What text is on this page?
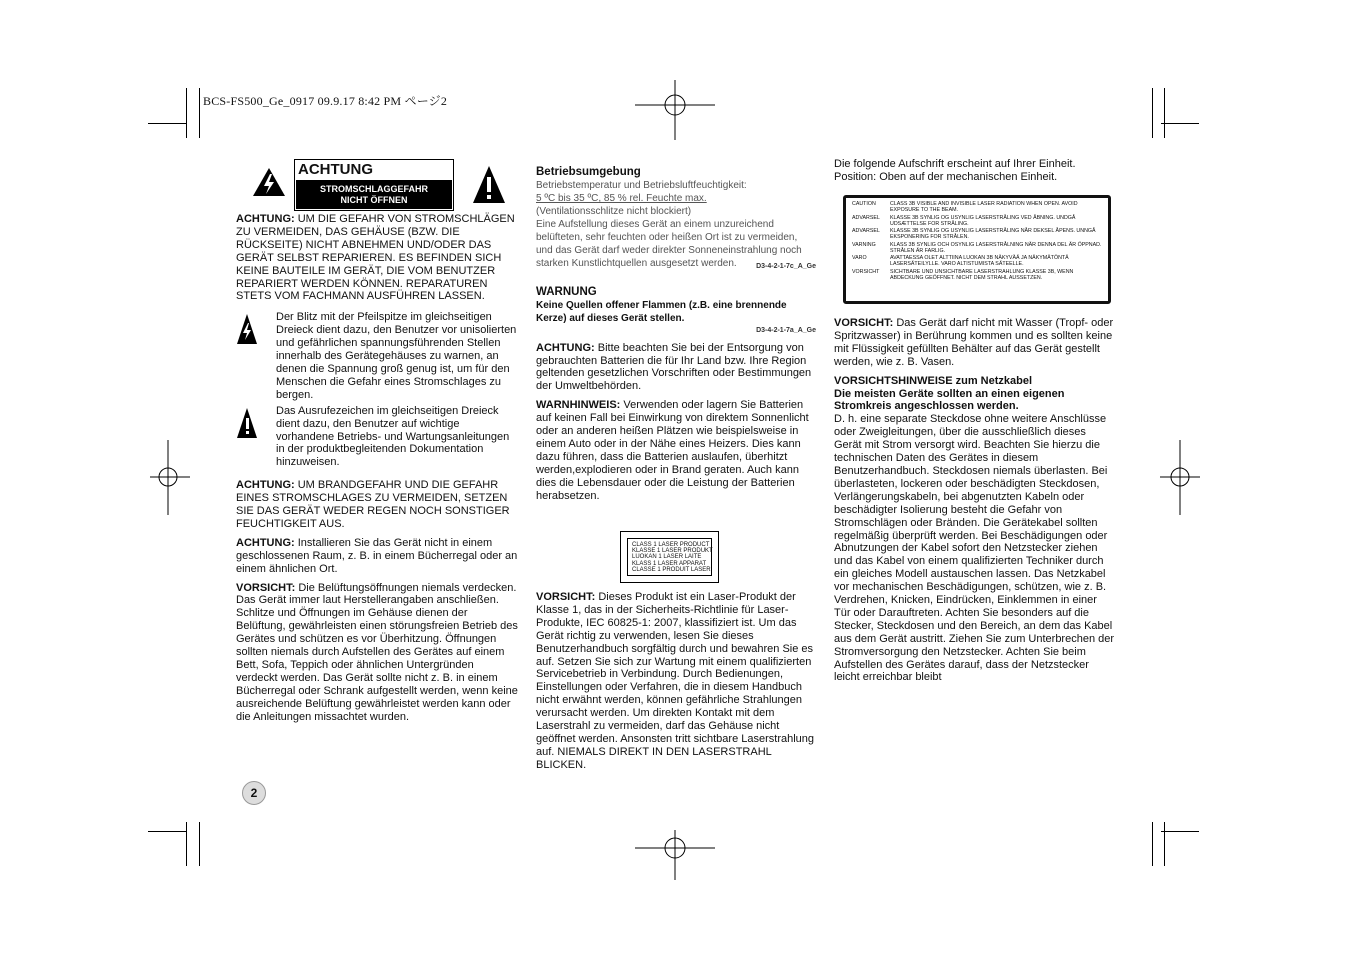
BCS-FS500_Ge_0917 09.9.17 8:42 PM ページ2
ACHTUNG
STROMSCHLAGGEFAHR
NICHT ÖFFNEN

ACHTUNG: UM DIE GEFAHR VON STROMSCHLÄGEN ZU VERMEIDEN, DAS GEHÄUSE (BZW. DIE RÜCKSEITE) NICHT ABNEHMEN UND/ODER DAS GERÄT SELBST REPARIEREN. ES BEFINDEN SICH KEINE BAUTEILE IM GERÄT, DIE VOM BENUTZER REPARIERT WERDEN KÖNNEN. REPARATUREN STETS VOM FACHMANN AUSFÜHREN LASSEN.

Der Blitz mit der Pfeilspitze im gleichseitigen Dreieck dient dazu, den Benutzer vor unisolierten und gefährlichen spannungsführenden Stellen innerhalb des Gerätegehäuses zu warnen, an denen die Spannung groß genug ist, um für den Menschen die Gefahr eines Stromschlages zu bergen.
Das Ausrufezeichen im gleichseitigen Dreieck dient dazu, den Benutzer auf wichtige vorhandene Betriebs- und Wartungsanleitungen in der produktbegleitenden Dokumentation hinzuweisen.

ACHTUNG: UM BRANDGEFAHR UND DIE GEFAHR EINES STROMSCHLAGES ZU VERMEIDEN, SETZEN SIE DAS GERÄT WEDER REGEN NOCH SONSTIGER FEUCHTIGKEIT AUS.

ACHTUNG: Installieren Sie das Gerät nicht in einem geschlossenen Raum, z. B. in einem Bücherregal oder an einem ähnlichen Ort.

VORSICHT: Die Belüftungsöffnungen niemals verdecken. Das Gerät immer laut Herstellerangaben anschließen.

Schlitze und Öffnungen im Gehäuse dienen der Belüftung, gewährleisten einen störungsfreien Betrieb des Gerätes und schützen es vor Überhitzung. Öffnungen sollten niemals durch Aufstellen des Gerätes auf einem Bett, Sofa, Teppich oder ähnlichen Untergründen verdeckt werden. Das Gerät sollte nicht z. B. in einem Bücherregal oder Schrank aufgestellt werden, wenn keine ausreichende Belüftung gewährleistet werden kann oder die Anleitungen missachtet wurden.

Betriebsumgebung
Betriebstemperatur und Betriebsluftfeuchtigkeit:
5 ºC bis 35 ºC, 85 % rel. Feuchte max.
(Ventilationsschlitze nicht blockiert)
Eine Aufstellung dieses Gerät an einem unzureichend belüfteten, sehr feuchten oder heißen Ort ist zu vermeiden, und das Gerät darf weder direkter Sonneneinstrahlung noch starken Kunstlichtquellen ausgesetzt werden.	D3-4-2-1-7c_A_Ge
WARNUNG
Keine Quellen offener Flammen (z.B. eine brennende Kerze) auf dieses Gerät stellen.
D3-4-2-1-7a_A_Ge

ACHTUNG: Bitte beachten Sie bei der Entsorgung von gebrauchten Batterien die für Ihr Land bzw. Ihre Region geltenden gesetzlichen Vorschriften oder Bestimmungen der Umweltbehörden.

WARNHINWEIS: Verwenden oder lagern Sie Batterien auf keinen Fall bei Einwirkung von direktem Sonnenlicht oder an anderen heißen Plätzen wie beispielsweise in einem Auto oder in der Nähe eines Heizers. Dies kann dazu führen, dass die Batterien auslaufen, überhitzt werden,explodieren oder in Brand geraten. Auch kann dies die Lebensdauer oder die Leistung der Batterien herabsetzen.

CLASS 1 LASER PRODUCT
KLASSE 1 LASER PRODUKT
LUOKAN 1 LASER LAITE
KLASS 1 LASER APPARAT
CLASSE 1 PRODUIT LASER

VORSICHT: Dieses Produkt ist ein Laser-Produkt der Klasse 1, das in der Sicherheits-Richtlinie für Laser-Produkte, IEC 60825-1: 2007, klassifiziert ist. Um das Gerät richtig zu verwenden, lesen Sie dieses Benutzerhandbuch sorgfältig durch und bewahren Sie es auf. Setzen Sie sich zur Wartung mit einem qualifizierten Servicebetrieb in Verbindung. Durch Bedienungen, Einstellungen oder Verfahren, die in diesem Handbuch nicht erwähnt werden, können gefährliche Strahlungen verursacht werden. Um direkten Kontakt mit dem Laserstrahl zu vermeiden, darf das Gehäuse nicht geöffnet werden. Ansonsten tritt sichtbare Laserstrahlung auf. NIEMALS DIREKT IN DEN LASERSTRAHL BLICKEN.

Die folgende Aufschrift erscheint auf Ihrer Einheit. Position: Oben auf der mechanischen Einheit.

CAUTION	CLASS 3B VISIBLE AND INVISIBLE LASER RADIATION WHEN OPEN. AVOID EXPOSURE TO THE BEAM.
ADVARSEL	KLASSE 3B SYNLIG OG USYNLIG LASERSTRÅLING VED ÅBNING. UNDGÅ UDSÆTTELSE FOR STRÅLING.
ADVARSEL	KLASSE 3B SYNLIG OG USYNLIG LASERSTRÅLING NÅR DEKSEL ÅPENS. UNNGÅ EKSPONERING FOR STRÅLEN.
VARNING	KLASS 3B SYNLIG OCH OSYNLIG LASERSTRÅLNING NÄR DENNA DEL ÄR ÖPPNAD. STRÅLEN ÄR FARLIG.
VARO	AVATTAESSA OLET ALTTIINA LUOKAN 3B NÄKYVÄÄ JA NÄKYMÄTÖNTÄ LASERSÄTEILYLLE. VARO ALTISTUMISTA SÄTEELLE.
VORSICHT	SICHTBARE UND UNSICHTBARE LASERSTRAHLUNG KLASSE 3B, WENN ABDECKUNG GEÖFFNET. NICHT DEM STRAHL AUSSETZEN.

VORSICHT: Das Gerät darf nicht mit Wasser (Tropf- oder Spritzwasser) in Berührung kommen und es sollten keine mit Flüssigkeit gefüllten Behälter auf das Gerät gestellt werden, wie z. B. Vasen.

VORSICHTSHINWEISE zum Netzkabel
Die meisten Geräte sollten an einen eigenen Stromkreis angeschlossen werden.
D. h. eine separate Steckdose ohne weitere Anschlüsse oder Zweigleitungen, über die ausschließlich dieses Gerät mit Strom versorgt wird. Beachten Sie hierzu die technischen Daten des Gerätes in diesem Benutzerhandbuch. Steckdosen niemals überlasten. Bei überlasteten, lockeren oder beschädigten Steckdosen, Verlängerungskabeln, bei abgenutzten Kabeln oder beschädigter Isolierung besteht die Gefahr von Stromschlägen oder Bränden. Die Gerätekabel sollten regelmäßig überprüft werden. Bei Beschädigungen oder Abnutzungen der Kabel sofort den Netzstecker ziehen und das Kabel von einem qualifizierten Techniker durch ein gleiches Modell austauschen lassen. Das Netzkabel vor mechanischen Beschädigungen, schützen, wie z. B. Verdrehen, Knicken, Eindrücken, Einklemmen in einer Tür oder Darauftreten. Achten Sie besonders auf die Stecker, Steckdosen und den Bereich, an dem das Kabel aus dem Gerät austritt. Ziehen Sie zum Unterbrechen der Stromversorgung den Netzstecker. Achten Sie beim Aufstellen des Gerätes darauf, dass der Netzstecker leicht erreichbar bleibt
2
